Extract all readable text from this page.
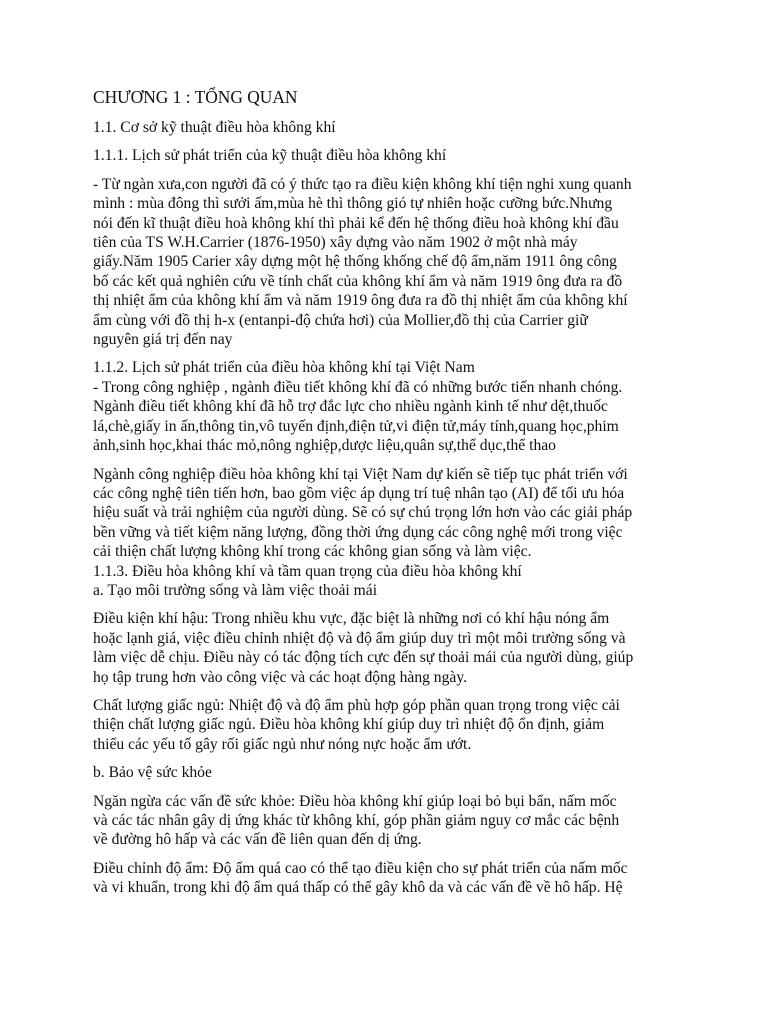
CHƯƠNG 1 : TỔNG QUAN
1.1. Cơ sở kỹ thuật điều hòa không khí
1.1.1. Lịch sử phát triển của kỹ thuật điều hòa không khí
- Từ ngàn xưa,con người đã có ý thức tạo ra điều kiện không khí tiện nghi xung quanh
mình : mùa đông thì sưởi ấm,mùa hè thì thông gió tự nhiên hoặc cưỡng bức.Nhưng
nói đến kĩ thuật điều hoà không khí thì phải kể đến hệ thống điều hoà không khí đầu
tiên của TS W.H.Carrier (1876-1950) xây dựng vào năm 1902 ở một nhà máy
giấy.Năm 1905 Carier xây dựng một hệ thống khống chế độ ẩm,năm 1911 ông công
bố các kết quả nghiên cứu về tính chất của không khí ẩm và năm 1919 ông đưa ra đồ
thị nhiệt ẩm của không khí ẩm và năm 1919 ông đưa ra đồ thị nhiệt ẩm của không khí
ẩm cùng với đồ thị h-x (entanpi-độ chứa hơi) của Mollier,đồ thị của Carrier giữ
nguyên giá trị đến nay
1.1.2. Lịch sử phát triển của điều hòa không khí tại Việt Nam
- Trong công nghiệp , ngành điều tiết không khí đã có những bước tiến nhanh chóng.
Ngành điều tiết không khí đã hỗ trợ đắc lực cho nhiều ngành kinh tế như dệt,thuốc
lá,chè,giấy in ấn,thông tin,vô tuyến định,điện tử,vi điện tử,máy tính,quang học,phim
ảnh,sinh học,khai thác mỏ,nông nghiệp,dược liệu,quân sự,thể dục,thể thao
Ngành công nghiệp điều hòa không khí tại Việt Nam dự kiến sẽ tiếp tục phát triển với
các công nghệ tiên tiến hơn, bao gồm việc áp dụng trí tuệ nhân tạo (AI) để tối ưu hóa
hiệu suất và trải nghiệm của người dùng. Sẽ có sự chú trọng lớn hơn vào các giải pháp
bền vững và tiết kiệm năng lượng, đồng thời ứng dụng các công nghệ mới trong việc
cải thiện chất lượng không khí trong các không gian sống và làm việc.
1.1.3. Điều hòa không khí và tầm quan trọng của điều hòa không khí
a. Tạo môi trường sống và làm việc thoải mái
Điều kiện khí hậu: Trong nhiều khu vực, đặc biệt là những nơi có khí hậu nóng ẩm
hoặc lạnh giá, việc điều chỉnh nhiệt độ và độ ẩm giúp duy trì một môi trường sống và
làm việc dễ chịu. Điều này có tác động tích cực đến sự thoải mái của người dùng, giúp
họ tập trung hơn vào công việc và các hoạt động hàng ngày.
Chất lượng giấc ngủ: Nhiệt độ và độ ẩm phù hợp góp phần quan trọng trong việc cải
thiện chất lượng giấc ngủ. Điều hòa không khí giúp duy trì nhiệt độ ổn định, giảm
thiểu các yếu tố gây rối giấc ngủ như nóng nực hoặc ẩm ướt.
b. Bảo vệ sức khỏe
Ngăn ngừa các vấn đề sức khỏe: Điều hòa không khí giúp loại bỏ bụi bẩn, nấm mốc
và các tác nhân gây dị ứng khác từ không khí, góp phần giảm nguy cơ mắc các bệnh
về đường hô hấp và các vấn đề liên quan đến dị ứng.
Điều chỉnh độ ẩm: Độ ẩm quá cao có thể tạo điều kiện cho sự phát triển của nấm mốc
và vi khuẩn, trong khi độ ẩm quá thấp có thể gây khô da và các vấn đề về hô hấp. Hệ
